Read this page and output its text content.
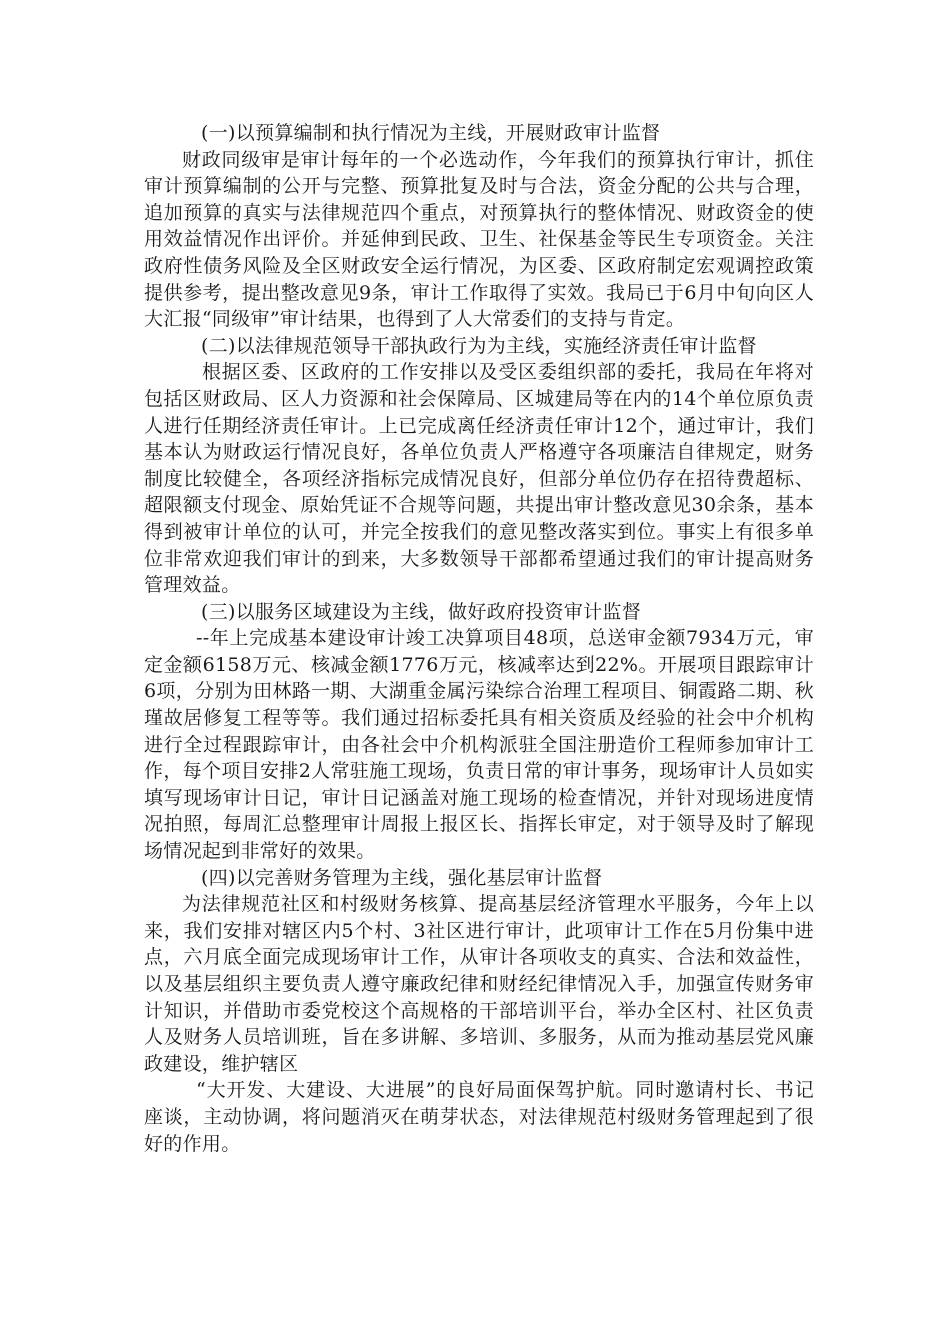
(一)以预算编制和执行情况为主线，开展财政审计监督

财政同级审是审计每年的一个必选动作，今年我们的预算执行审计，抓住审计预算编制的公开与完整、预算批复及时与合法，资金分配的公共与合理，追加预算的真实与法律规范四个重点，对预算执行的整体情况、财政资金的使用效益情况作出评价。并延伸到民政、卫生、社保基金等民生专项资金。关注政府性债务风险及全区财政安全运行情况，为区委、区政府制定宏观调控政策提供参考，提出整改意见9条，审计工作取得了实效。我局已于6月中旬向区人大汇报“同级审”审计结果，也得到了人大常委们的支持与肯定。

(二)以法律规范领导干部执政行为为主线，实施经济责任审计监督

根据区委、区政府的工作安排以及受区委组织部的委托，我局在年将对包括区财政局、区人力资源和社会保障局、区城建局等在内的14个单位原负责人进行任期经济责任审计。上已完成离任经济责任审计12个，通过审计，我们基本认为财政运行情况良好，各单位负责人严格遵守各项廉洁自律规定，财务制度比较健全，各项经济指标完成情况良好，但部分单位仍存在招待费超标、超限额支付现金、原始凭证不合规等问题，共提出审计整改意见30余条，基本得到被审计单位的认可，并完全按我们的意见整改落实到位。事实上有很多单位非常欢迎我们审计的到来，大多数领导干部都希望通过我们的审计提高财务管理效益。

(三)以服务区域建设为主线，做好政府投资审计监督

--年上完成基本建设审计竣工决算项目48项，总送审金额7934万元，审定金额6158万元、核减金额1776万元，核减率达到22%。开展项目跟踪审计6项，分别为田林路一期、大湖重金属污染综合治理工程项目、铜霞路二期、秋瑾故居修复工程等等。我们通过招标委托具有相关资质及经验的社会中介机构进行全过程跟踪审计，由各社会中介机构派驻全国注册造价工程师参加审计工作，每个项目安排2人常驻施工现场，负责日常的审计事务，现场审计人员如实填写现场审计日记，审计日记涵盖对施工现场的检查情况，并针对现场进度情况拍照，每周汇总整理审计周报上报区长、指挥长审定，对于领导及时了解现场情况起到非常好的效果。

(四)以完善财务管理为主线，强化基层审计监督

为法律规范社区和村级财务核算、提高基层经济管理水平服务，今年上以来，我们安排对辖区内5个村、3社区进行审计，此项审计工作在5月份集中进点，六月底全面完成现场审计工作，从审计各项收支的真实、合法和效益性，以及基层组织主要负责人遵守廉政纪律和财经纪律情况入手，加强宣传财务审计知识，并借助市委党校这个高规格的干部培训平台，举办全区村、社区负责人及财务人员培训班，旨在多讲解、多培训、多服务，从而为推动基层党风廉政建设，维护辖区

“大开发、大建设、大进展”的良好局面保驾护航。同时邀请村长、书记座谈，主动协调，将问题消灭在萌芽状态，对法律规范村级财务管理起到了很好的作用。
